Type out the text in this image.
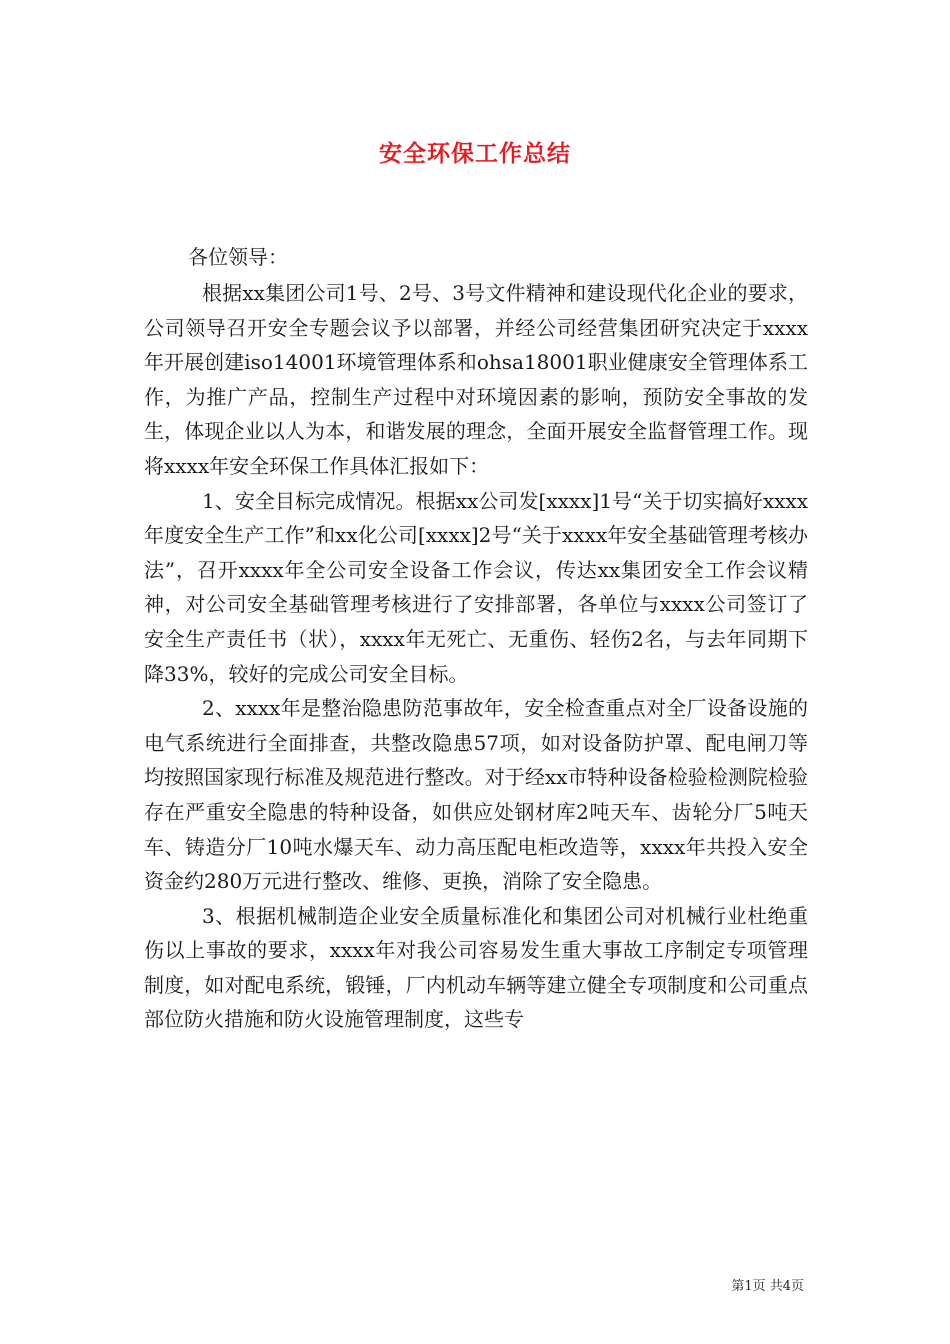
安全环保工作总结
各位领导：

根据xx集团公司1号、2号、3号文件精神和建设现代化企业的要求，公司领导召开安全专题会议予以部署，并经公司经营集团研究决定于xxxx年开展创建iso14001环境管理体系和ohsa18001职业健康安全管理体系工作，为推广产品，控制生产过程中对环境因素的影响，预防安全事故的发生，体现企业以人为本，和谐发展的理念，全面开展安全监督管理工作。现将xxxx年安全环保工作具体汇报如下：

1、安全目标完成情况。根据xx公司发[xxxx]1号“关于切实搞好xxxx年度安全生产工作”和xx化公司[xxxx]2号“关于xxxx年安全基础管理考核办法”，召开xxxx年全公司安全设备工作会议，传达xx集团安全工作会议精神，对公司安全基础管理考核进行了安排部署，各单位与xxxx公司签订了安全生产责任书（状），xxxx年无死亡、无重伤、轻伤2名，与去年同期下降33%，较好的完成公司安全目标。

2、xxxx年是整治隐患防范事故年，安全检查重点对全厂设备设施的电气系统进行全面排查，共整改隐患57项，如对设备防护罩、配电闸刀等均按照国家现行标准及规范进行整改。对于经xx市特种设备检验检测院检验存在严重安全隐患的特种设备，如供应处钢材库2吨天车、齿轮分厂5吨天车、铸造分厂10吨水爆天车、动力高压配电柜改造等，xxxx年共投入安全资金约280万元进行整改、维修、更换，消除了安全隐患。

3、根据机械制造企业安全质量标准化和集团公司对机械行业杜绝重伤以上事故的要求，xxxx年对我公司容易发生重大事故工序制定专项管理制度，如对配电系统，锻锤，厂内机动车辆等建立健全专项制度和公司重点部位防火措施和防火设施管理制度，这些专

第1页 共4页
